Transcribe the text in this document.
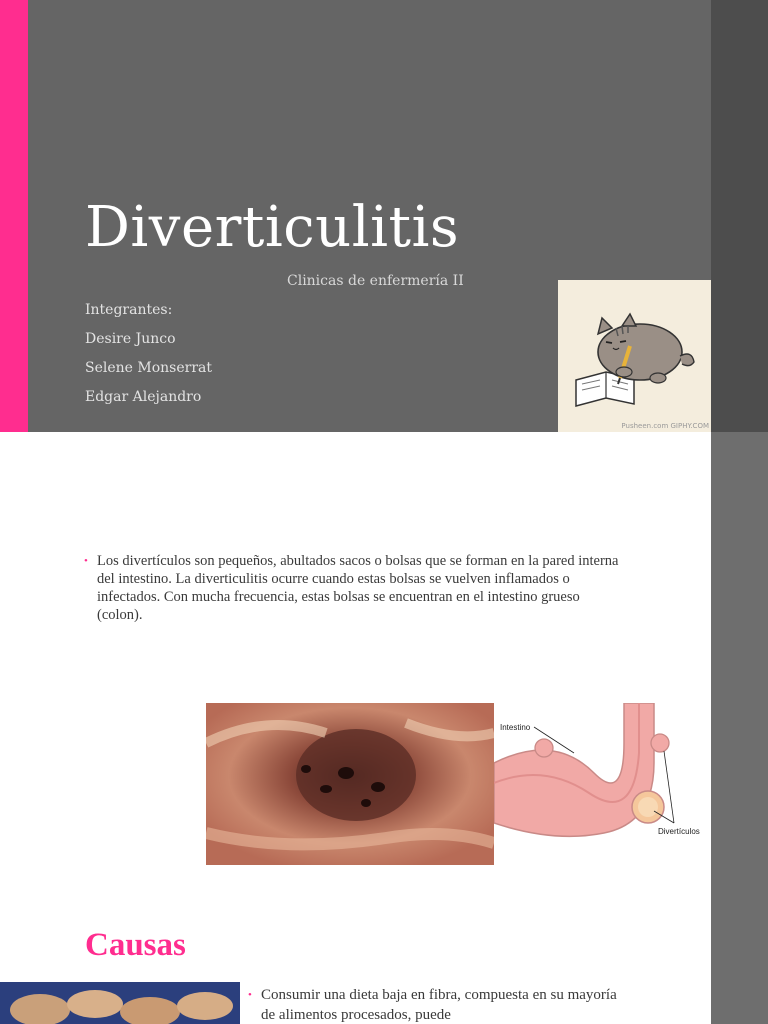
Diverticulitis
Clinicas de enfermería II
Integrantes:
Desire Junco
Selene Monserrat
Edgar Alejandro
Pusheen.com GIPHY.COM
• Los divertículos son pequeños, abultados sacos o bolsas que se forman en la pared interna del intestino. La diverticulitis ocurre cuando estas bolsas se vuelven inflamados o infectados. Con mucha frecuencia, estas bolsas se encuentran en el intestino grueso (colon).
Intestino
Divertículos
Causas
• Consumir una dieta baja en fibra, compuesta en su mayoría de alimentos procesados, puede
